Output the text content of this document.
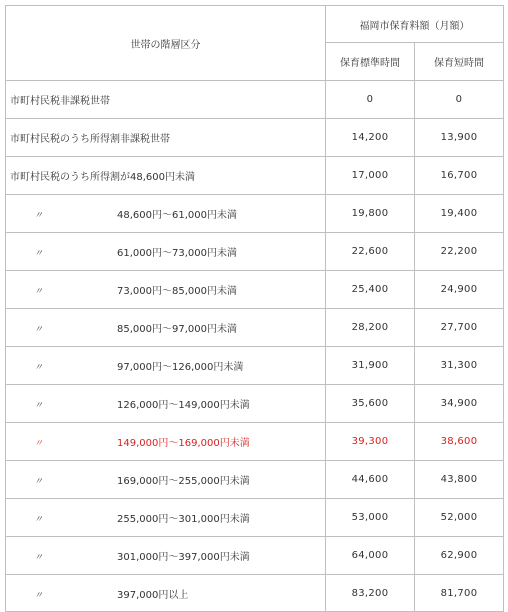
世帯の階層区分	福岡市保育料額（月額）	
	保育標準時間	保育短時間
市町村民税非課税世帯	0	0
市町村民税のうち所得割非課税世帯	14,200	13,900
市町村民税のうち所得割が48,600円未満	17,000	16,700
〃 48,600円～61,000円未満	19,800	19,400
〃 61,000円～73,000円未満	22,600	22,200
〃 73,000円～85,000円未満	25,400	24,900
〃 85,000円～97,000円未満	28,200	27,700
〃 97,000円～126,000円未満	31,900	31,300
〃 126,000円～149,000円未満	35,600	34,900
〃 149,000円～169,000円未満	39,300	38,600
〃 169,000円～255,000円未満	44,600	43,800
〃 255,000円～301,000円未満	53,000	52,000
〃 301,000円～397,000円未満	64,000	62,900
〃 397,000円以上	83,200	81,700
